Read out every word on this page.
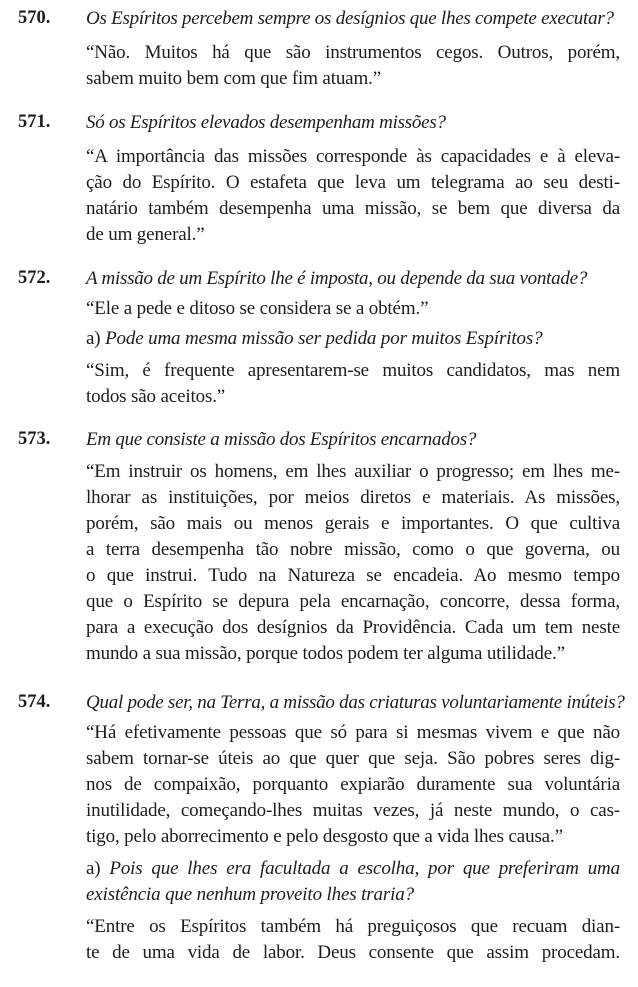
570. Os Espíritos percebem sempre os desígnios que lhes compete executar?
“Não. Muitos há que são instrumentos cegos. Outros, porém,
sabem muito bem com que fim atuam.”
571. Só os Espíritos elevados desempenham missões?
“A importância das missões corresponde às capacidades e à eleva-
ção do Espírito. O estafeta que leva um telegrama ao seu desti-
natário também desempenha uma missão, se bem que diversa da
de um general.”
572. A missão de um Espírito lhe é imposta, ou depende da sua vontade?
“Ele a pede e ditoso se considera se a obtém.”
a) Pode uma mesma missão ser pedida por muitos Espíritos?
“Sim, é frequente apresentarem-se muitos candidatos, mas nem
todos são aceitos.”
573. Em que consiste a missão dos Espíritos encarnados?
“Em instruir os homens, em lhes auxiliar o progresso; em lhes me-
lhorar as instituições, por meios diretos e materiais. As missões,
porém, são mais ou menos gerais e importantes. O que cultiva
a terra desempenha tão nobre missão, como o que governa, ou
o que instrui. Tudo na Natureza se encadeia. Ao mesmo tempo
que o Espírito se depura pela encarnação, concorre, dessa forma,
para a execução dos desígnios da Providência. Cada um tem neste
mundo a sua missão, porque todos podem ter alguma utilidade.”
574. Qual pode ser, na Terra, a missão das criaturas voluntariamente inúteis?
“Há efetivamente pessoas que só para si mesmas vivem e que não
sabem tornar-se úteis ao que quer que seja. São pobres seres dig-
nos de compaixão, porquanto expiarão duramente sua voluntária
inutilidade, começando-lhes muitas vezes, já neste mundo, o cas-
tigo, pelo aborrecimento e pelo desgosto que a vida lhes causa.”
a) Pois que lhes era facultada a escolha, por que preferiram uma
existência que nenhum proveito lhes traria?
“Entre os Espíritos também há preguiçosos que recuam dian-
te de uma vida de labor. Deus consente que assim procedam.
